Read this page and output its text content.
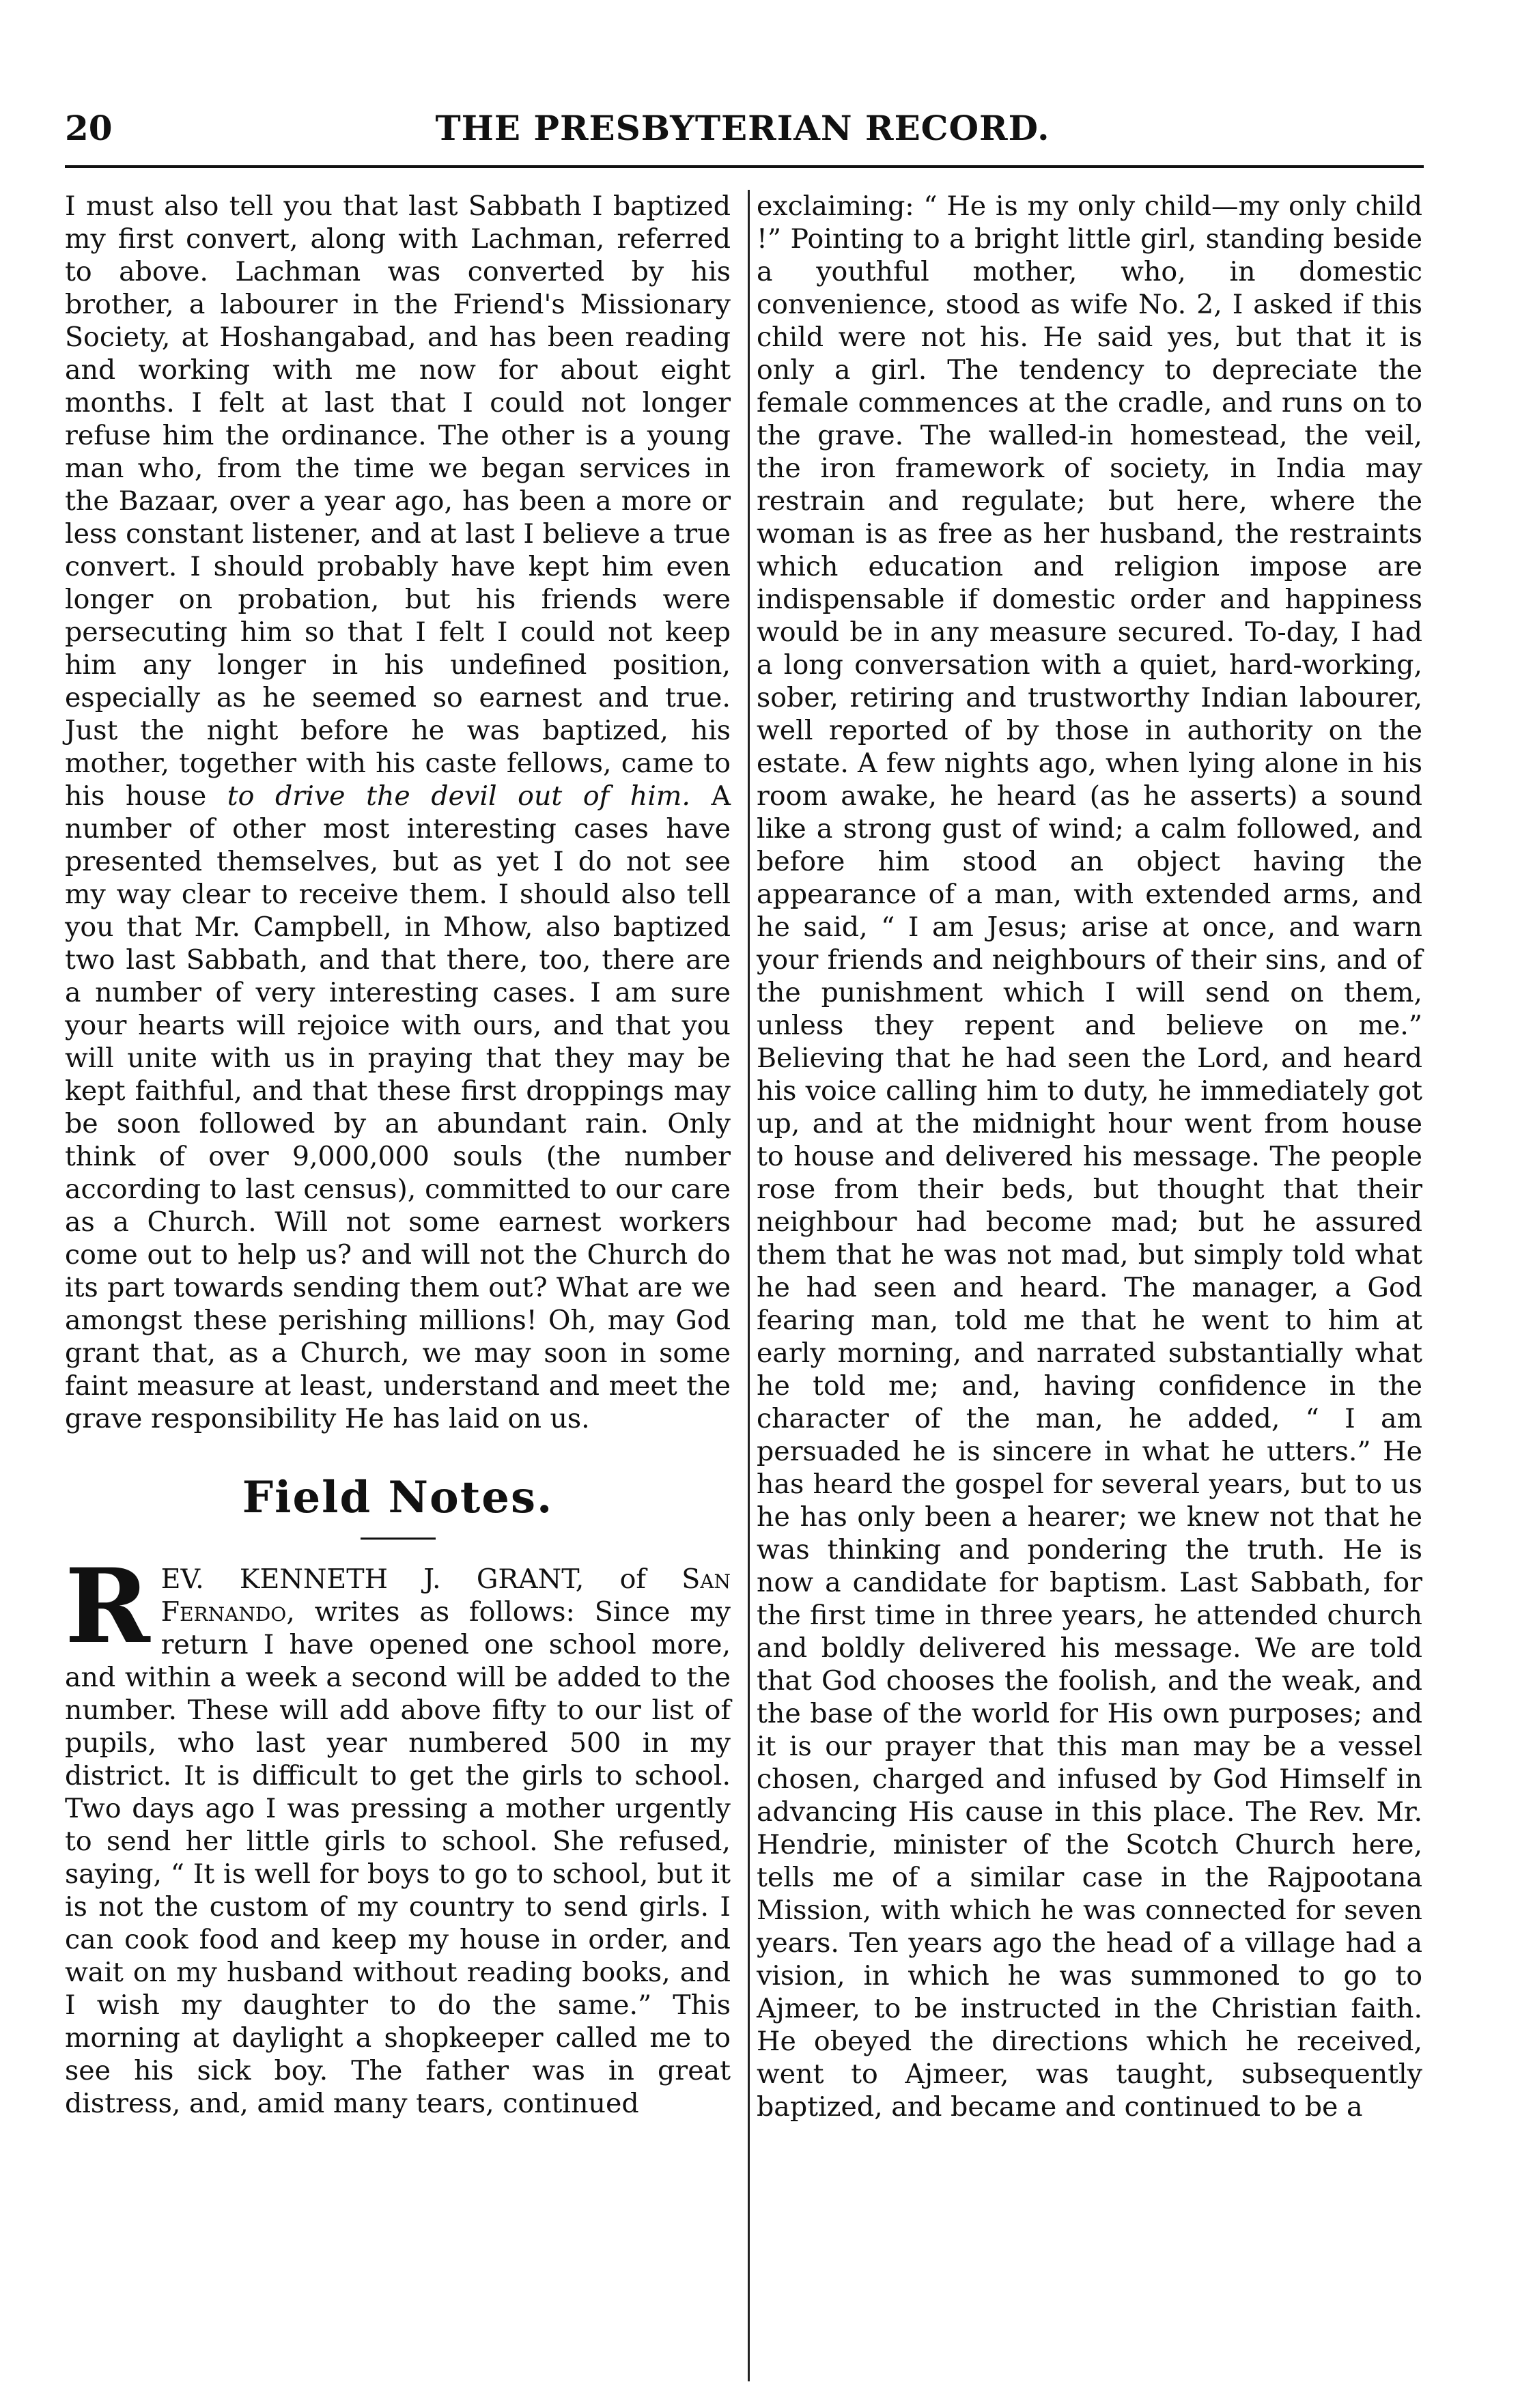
20	THE PRESBYTERIAN RECORD.

I must also tell you that last Sabbath I baptized my first convert, along with Lachman, referred to above. Lachman was converted by his brother, a labourer in the Friend's Missionary Society, at Hoshangabad, and has been reading and working with me now for about eight months. I felt at last that I could not longer refuse him the ordinance. The other is a young man who, from the time we began services in the Bazaar, over a year ago, has been a more or less constant listener, and at last I believe a true convert. I should probably have kept him even longer on probation, but his friends were persecuting him so that I felt I could not keep him any longer in his undefined position, especially as he seemed so earnest and true. Just the night before he was baptized, his mother, together with his caste fellows, came to his house to drive the devil out of him. A number of other most interesting cases have presented themselves, but as yet I do not see my way clear to receive them. I should also tell you that Mr. Campbell, in Mhow, also baptized two last Sabbath, and that there, too, there are a number of very interesting cases. I am sure your hearts will rejoice with ours, and that you will unite with us in praying that they may be kept faithful, and that these first droppings may be soon followed by an abundant rain. Only think of over 9,000,000 souls (the number according to last census), committed to our care as a Church. Will not some earnest workers come out to help us? and will not the Church do its part towards sending them out? What are we amongst these perishing millions! Oh, may God grant that, as a Church, we may soon in some faint measure at least, understand and meet the grave responsibility He has laid on us.

Field Notes.

REV. KENNETH J. GRANT, of San Fernando, writes as follows: Since my return I have opened one school more, and within a week a second will be added to the number. These will add above fifty to our list of pupils, who last year numbered 500 in my district. It is difficult to get the girls to school. Two days ago I was pressing a mother urgently to send her little girls to school. She refused, saying, “ It is well for boys to go to school, but it is not the custom of my country to send girls. I can cook food and keep my house in order, and wait on my husband without reading books, and I wish my daughter to do the same.” This morning at daylight a shopkeeper called me to see his sick boy. The father was in great distress, and, amid many tears, continued

exclaiming: “ He is my only child—my only child !” Pointing to a bright little girl, standing beside a youthful mother, who, in domestic convenience, stood as wife No. 2, I asked if this child were not his. He said yes, but that it is only a girl. The tendency to depreciate the female commences at the cradle, and runs on to the grave. The walled-in homestead, the veil, the iron framework of society, in India may restrain and regulate; but here, where the woman is as free as her husband, the restraints which education and religion impose are indispensable if domestic order and happiness would be in any measure secured. To-day, I had a long conversation with a quiet, hard-working, sober, retiring and trustworthy Indian labourer, well reported of by those in authority on the estate. A few nights ago, when lying alone in his room awake, he heard (as he asserts) a sound like a strong gust of wind; a calm followed, and before him stood an object having the appearance of a man, with extended arms, and he said, “ I am Jesus; arise at once, and warn your friends and neighbours of their sins, and of the punishment which I will send on them, unless they repent and believe on me.” Believing that he had seen the Lord, and heard his voice calling him to duty, he immediately got up, and at the midnight hour went from house to house and delivered his message. The people rose from their beds, but thought that their neighbour had become mad; but he assured them that he was not mad, but simply told what he had seen and heard. The manager, a God fearing man, told me that he went to him at early morning, and narrated substantially what he told me; and, having confidence in the character of the man, he added, “ I am persuaded he is sincere in what he utters.” He has heard the gospel for several years, but to us he has only been a hearer; we knew not that he was thinking and pondering the truth. He is now a candidate for baptism. Last Sabbath, for the first time in three years, he attended church and boldly delivered his message. We are told that God chooses the foolish, and the weak, and the base of the world for His own purposes; and it is our prayer that this man may be a vessel chosen, charged and infused by God Himself in advancing His cause in this place. The Rev. Mr. Hendrie, minister of the Scotch Church here, tells me of a similar case in the Rajpootana Mission, with which he was connected for seven years. Ten years ago the head of a village had a vision, in which he was summoned to go to Ajmeer, to be instructed in the Christian faith. He obeyed the directions which he received, went to Ajmeer, was taught, subsequently baptized, and became and continued to be a
